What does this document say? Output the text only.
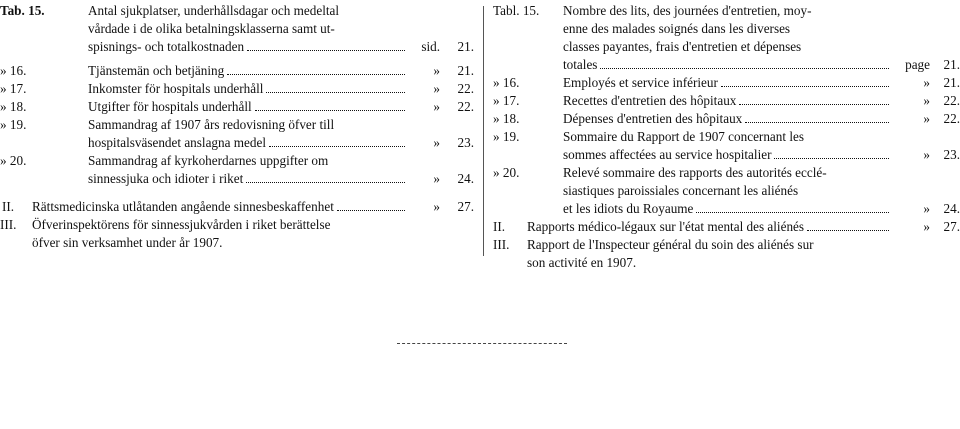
Tab. 15.	Antal sjukplatser, underhållsdagar och medeltal
vårdade i de olika betalningsklasserna samt ut-
spisnings- och totalkostnaden	sid.	21.
» 16.	Tjänstemän och betjäning	»	21.
» 17.	Inkomster för hospitals underhåll	»	22.
» 18.	Utgifter för hospitals underhåll	»	22.
» 19.	Sammandrag af 1907 års redovisning öfver till
hospitalsväsendet anslagna medel	»	23.
» 20.	Sammandrag af kyrkoherdarnes uppgifter om
sinnessjuka och idioter i riket	»	24.
II.	Rättsmedicinska utlåtanden angående sinnesbeskaffenhet	»	27.
III.	Öfverinspektörens för sinnessjukvården i riket berättelse
öfver sin verksamhet under år 1907.
Tabl. 15.	Nombre des lits, des journées d'entretien, moy-
enne des malades soignés dans les diverses
classes payantes, frais d'entretien et dépenses
totales	page	21.
» 16.	Employés et service inférieur	»	21.
» 17.	Recettes d'entretien des hôpitaux	»	22.
» 18.	Dépenses d'entretien des hôpitaux	»	22.
» 19.	Sommaire du Rapport de 1907 concernant les
sommes affectées au service hospitalier	»	23.
» 20.	Relevé sommaire des rapports des autorités ecclé-
siastiques paroissiales concernant les aliénés
et les idiots du Royaume	»	24.
II.	Rapports médico-légaux sur l'état mental des aliénés	»	27.
III.	Rapport de l'Inspecteur général du soin des aliénés sur
son activité en 1907.
